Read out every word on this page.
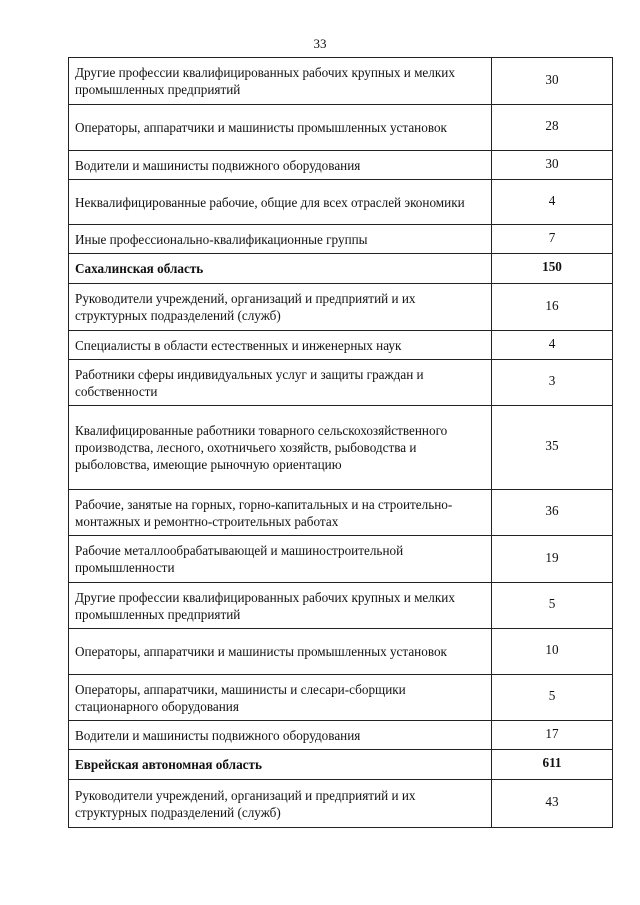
33
Другие профессии квалифицированных рабочих крупных и мелких промышленных предприятий	30
Операторы, аппаратчики и машинисты промышленных установок	28
Водители и машинисты подвижного оборудования	30
Неквалифицированные рабочие, общие для всех отраслей экономики	4
Иные профессионально-квалификационные группы	7
Сахалинская область	150
Руководители учреждений, организаций и предприятий и их структурных подразделений (служб)	16
Специалисты в области естественных и инженерных наук	4
Работники сферы индивидуальных услуг и защиты граждан и собственности	3
Квалифицированные работники товарного сельскохозяйственного производства, лесного, охотничьего хозяйств, рыбоводства и рыболовства, имеющие рыночную ориентацию	35
Рабочие, занятые на горных, горно-капитальных и на строительно-монтажных и ремонтно-строительных работах	36
Рабочие металлообрабатывающей и машиностроительной промышленности	19
Другие профессии квалифицированных рабочих крупных и мелких промышленных предприятий	5
Операторы, аппаратчики и машинисты промышленных установок	10
Операторы, аппаратчики, машинисты и слесари-сборщики стационарного оборудования	5
Водители и машинисты подвижного оборудования	17
Еврейская автономная область	611
Руководители учреждений, организаций и предприятий и их структурных подразделений (служб)	43
